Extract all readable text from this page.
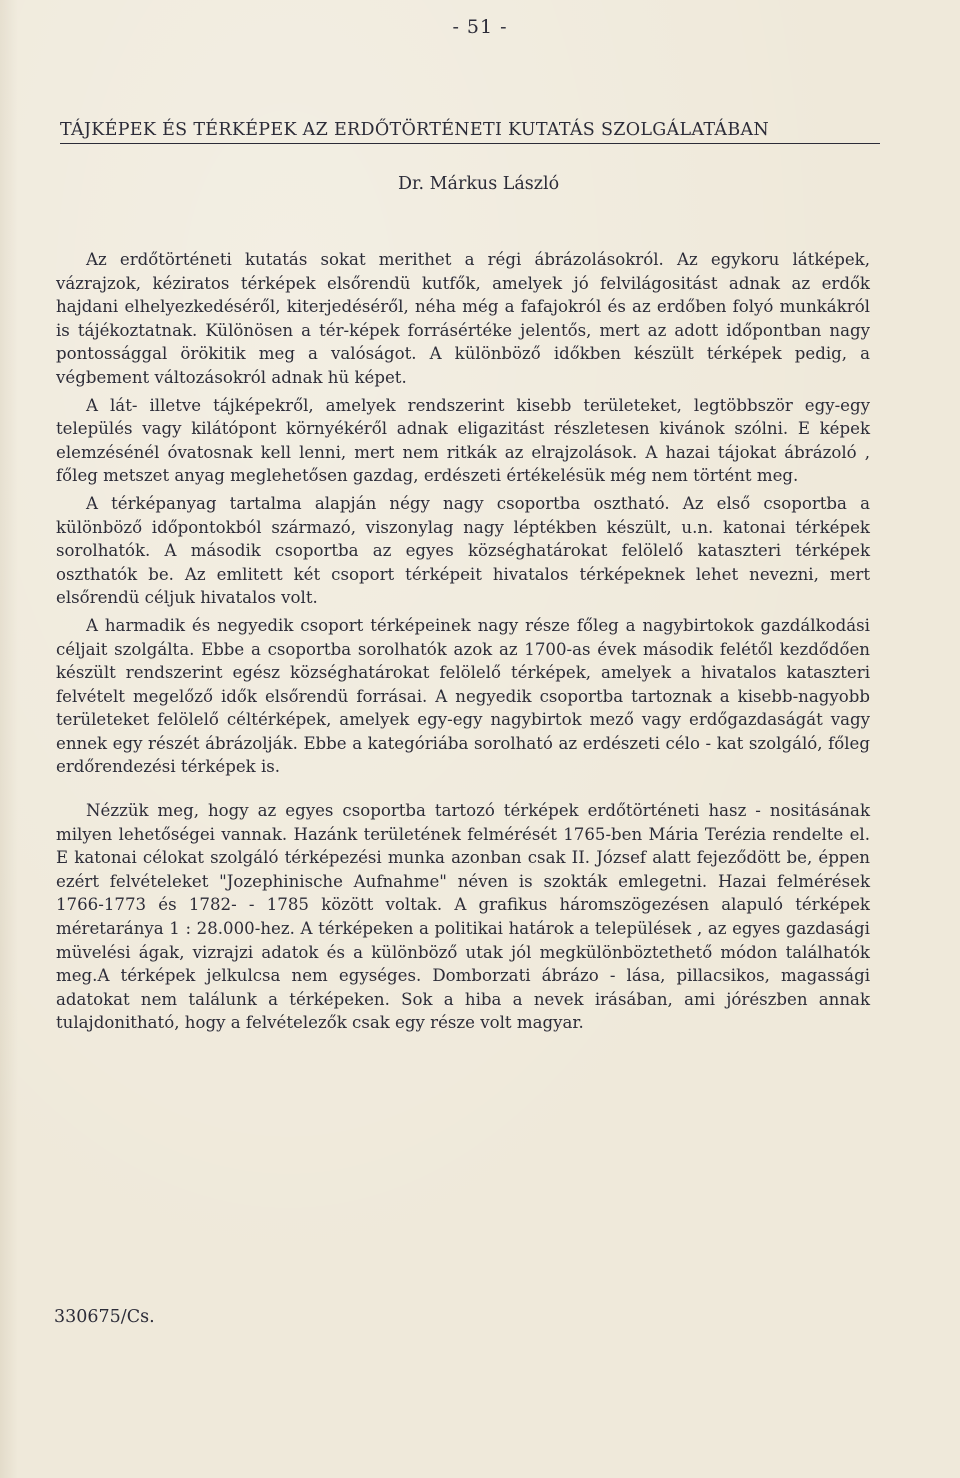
- 51 -
TÁJKÉPEK ÉS TÉRKÉPEK AZ ERDŐTÖRTÉNETI KUTATÁS SZOLGÁLATÁBAN
Dr. Márkus László

Az erdőtörténeti kutatás sokat merithet a régi ábrázolásokról. Az egykoru látképek, vázrajzok, kéziratos térképek elsőrendü kutfők, amelyek jó felvilágositást adnak az erdők hajdani elhelyezkedéséről, kiterjedéséről, néha még a fafajokról és az erdőben folyó munkákról is tájékoztatnak. Különösen a tér-képek forrásértéke jelentős, mert az adott időpontban nagy pontossággal örökitik meg a valóságot. A különböző időkben készült térképek pedig, a végbement változásokról adnak hü képet.

A lát- illetve tájképekről, amelyek rendszerint kisebb területeket, legtöbbször egy-egy település vagy kilátópont környékéről adnak eligazitást részletesen kivánok szólni. E képek elemzésénél óvatosnak kell lenni, mert nem ritkák az elrajzolások. A hazai tájokat ábrázoló , főleg metszet anyag meglehetősen gazdag, erdészeti értékelésük még nem történt meg.

A térképanyag tartalma alapján négy nagy csoportba osztható. Az első csoportba a különböző időpontokból származó, viszonylag nagy léptékben készült, u.n. katonai térképek sorolhatók. A második csoportba az egyes községhatárokat felölelő kataszteri térképek oszthatók be. Az emlitett két csoport térképeit hivatalos térképeknek lehet nevezni, mert elsőrendü céljuk hivatalos volt.

A harmadik és negyedik csoport térképeinek nagy része főleg a nagybirtokok gazdálkodási céljait szolgálta. Ebbe a csoportba sorolhatók azok az 1700-as évek második felétől kezdődően készült rendszerint egész községhatárokat felölelő térképek, amelyek a hivatalos kataszteri felvételt megelőző idők elsőrendü forrásai. A negyedik csoportba tartoznak a kisebb-nagyobb területeket felölelő céltérképek, amelyek egy-egy nagybirtok mező vagy erdőgazdaságát vagy ennek egy részét ábrázolják. Ebbe a kategóriába sorolható az erdészeti célo - kat szolgáló, főleg erdőrendezési térképek is.

Nézzük meg, hogy az egyes csoportba tartozó térképek erdőtörténeti hasz - nositásának milyen lehetőségei vannak. Hazánk területének felmérését 1765-ben Mária Terézia rendelte el. E katonai célokat szolgáló térképezési munka azonban csak II. József alatt fejeződött be, éppen ezért felvételeket "Jozephinische Aufnahme" néven is szokták emlegetni. Hazai felmérések 1766-1773 és 1782- - 1785 között voltak. A grafikus háromszögezésen alapuló térképek méretaránya 1 : 28.000-hez. A térképeken a politikai határok a települések , az egyes gazdasági müvelési ágak, vizrajzi adatok és a különböző utak jól megkülönböztethető módon találhatók meg.A térképek jelkulcsa nem egységes. Domborzati ábrázo - lása, pillacsikos, magassági adatokat nem találunk a térképeken. Sok a hiba a nevek irásában, ami jórészben annak tulajdonitható, hogy a felvételezők csak egy része volt magyar.

330675/Cs.
